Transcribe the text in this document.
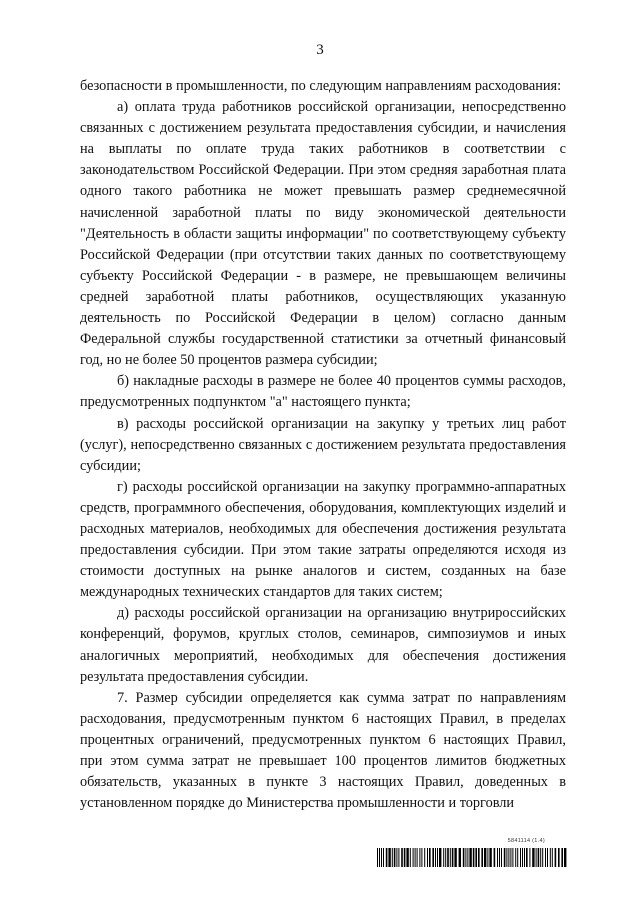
3

безопасности в промышленности, по следующим направлениям расходования:

а) оплата труда работников российской организации, непосредственно связанных с достижением результата предоставления субсидии, и начисления на выплаты по оплате труда таких работников в соответствии с законодательством Российской Федерации. При этом средняя заработная плата одного такого работника не может превышать размер среднемесячной начисленной заработной платы по виду экономической деятельности "Деятельность в области защиты информации" по соответствующему субъекту Российской Федерации (при отсутствии таких данных по соответствующему субъекту Российской Федерации - в размере, не превышающем величины средней заработной платы работников, осуществляющих указанную деятельность по Российской Федерации в целом) согласно данным Федеральной службы государственной статистики за отчетный финансовый год, но не более 50 процентов размера субсидии;

б) накладные расходы в размере не более 40 процентов суммы расходов, предусмотренных подпунктом "а" настоящего пункта;

в) расходы российской организации на закупку у третьих лиц работ (услуг), непосредственно связанных с достижением результата предоставления субсидии;

г) расходы российской организации на закупку программно-аппаратных средств, программного обеспечения, оборудования, комплектующих изделий и расходных материалов, необходимых для обеспечения достижения результата предоставления субсидии. При этом такие затраты определяются исходя из стоимости доступных на рынке аналогов и систем, созданных на базе международных технических стандартов для таких систем;

д) расходы российской организации на организацию внутрироссийских конференций, форумов, круглых столов, семинаров, симпозиумов и иных аналогичных мероприятий, необходимых для обеспечения достижения результата предоставления субсидии.

7. Размер субсидии определяется как сумма затрат по направлениям расходования, предусмотренным пунктом 6 настоящих Правил, в пределах процентных ограничений, предусмотренных пунктом 6 настоящих Правил, при этом сумма затрат не превышает 100 процентов лимитов бюджетных обязательств, указанных в пункте 3 настоящих Правил, доведенных в установленном порядке до Министерства промышленности и торговли

5841114 (1.4)
